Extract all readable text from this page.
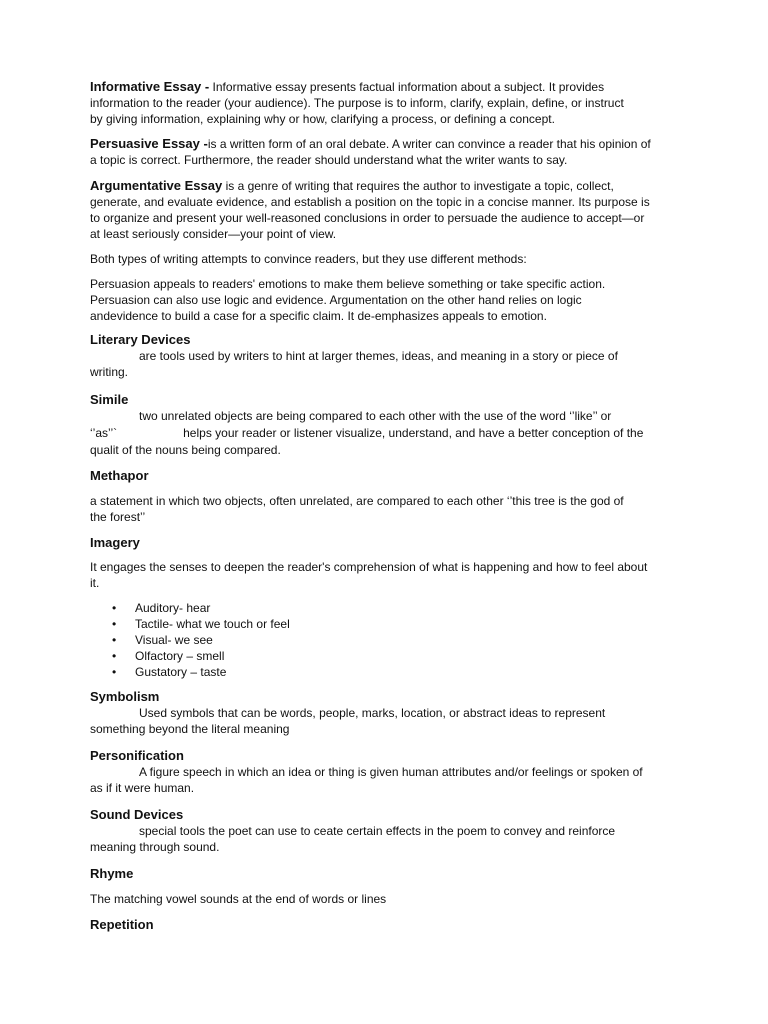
Informative Essay - Informative essay presents factual information about a subject. It provides
information to the reader (your audience). The purpose is to inform, clarify, explain, define, or instruct
by giving information, explaining why or how, clarifying a process, or defining a concept.
Persuasive Essay -is a written form of an oral debate. A writer can convince a reader that his opinion of
a topic is correct. Furthermore, the reader should understand what the writer wants to say.
Argumentative Essay is a genre of writing that requires the author to investigate a topic, collect,
generate, and evaluate evidence, and establish a position on the topic in a concise manner. Its purpose is
to organize and present your well-reasoned conclusions in order to persuade the audience to accept—or
at least seriously consider—your point of view.
Both types of writing attempts to convince readers, but they use different methods:
Persuasion appeals to readers' emotions to make them believe something or take specific action.
Persuasion can also use logic and evidence. Argumentation on the other hand relies on logic
andevidence to build a case for a specific claim. It de-emphasizes appeals to emotion.
Literary Devices
are tools used by writers to hint at larger themes, ideas, and meaning in a story or piece of
writing.
Simile
two unrelated objects are being compared to each other with the use of the word ‘’like’’ or
‘’as’’`	helps your reader or listener visualize, understand, and have a better conception of the
qualit of the nouns being compared.
Methapor
a statement in which two objects, often unrelated, are compared to each other ‘’this tree is the god of
the forest’’
Imagery
It engages the senses to deepen the reader's comprehension of what is happening and how to feel about
it.
• Auditory- hear
• Tactile- what we touch or feel
• Visual- we see
• Olfactory – smell
• Gustatory – taste
Symbolism
Used symbols that can be words, people, marks, location, or abstract ideas to represent
something beyond the literal meaning
Personification
A figure speech in which an idea or thing is given human attributes and/or feelings or spoken of
as if it were human.
Sound Devices
special tools the poet can use to ceate certain effects in the poem to convey and reinforce
meaning through sound.
Rhyme
The matching vowel sounds at the end of words or lines
Repetition
